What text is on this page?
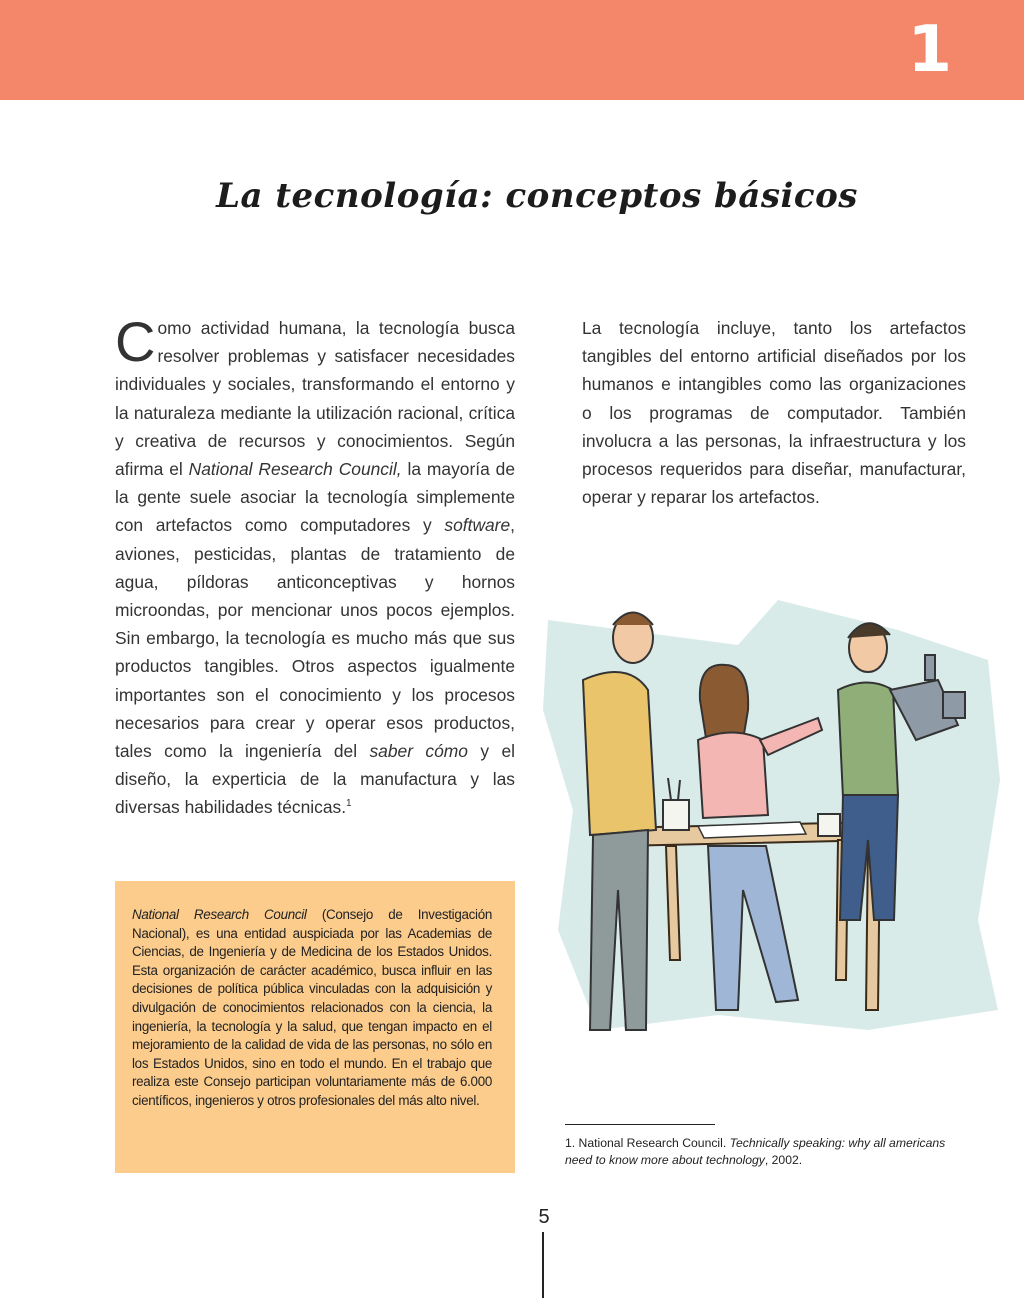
1
La tecnología: conceptos básicos
Como actividad humana, la tecnología busca resolver problemas y satisfacer necesidades individuales y sociales, transformando el entorno y la naturaleza mediante la utilización racional, crítica y creativa de recursos y conocimientos. Según afirma el National Research Council, la mayoría de la gente suele asociar la tecnología simplemente con artefactos como computadores y software, aviones, pesticidas, plantas de tratamiento de agua, píldoras anticonceptivas y hornos microondas, por mencionar unos pocos ejemplos. Sin embargo, la tecnología es mucho más que sus productos tangibles. Otros aspectos igualmente importantes son el conocimiento y los procesos necesarios para crear y operar esos productos, tales como la ingeniería del saber cómo y el diseño, la experticia de la manufactura y las diversas habilidades técnicas.$^1$
La tecnología incluye, tanto los artefactos tangibles del entorno artificial diseñados por los humanos e intangibles como las organizaciones o los programas de computador. También involucra a las personas, la infraestructura y los procesos requeridos para diseñar, manufacturar, operar y reparar los artefactos.

National Research Council (Consejo de Investigación Nacional), es una entidad auspiciada por las Academias de Ciencias, de Ingeniería y de Medicina de los Estados Unidos. Esta organización de carácter académico, busca influir en las decisiones de política pública vinculadas con la adquisición y divulgación de conocimientos relacionados con la ciencia, la ingeniería, la tecnología y la salud, que tengan impacto en el mejoramiento de la calidad de vida de las personas, no sólo en los Estados Unidos, sino en todo el mundo. En el trabajo que realiza este Consejo participan voluntariamente más de 6.000 científicos, ingenieros y otros profesionales del más alto nivel.

1. National Research Council. Technically speaking: why all americans need to know more about technology, 2002.
5
